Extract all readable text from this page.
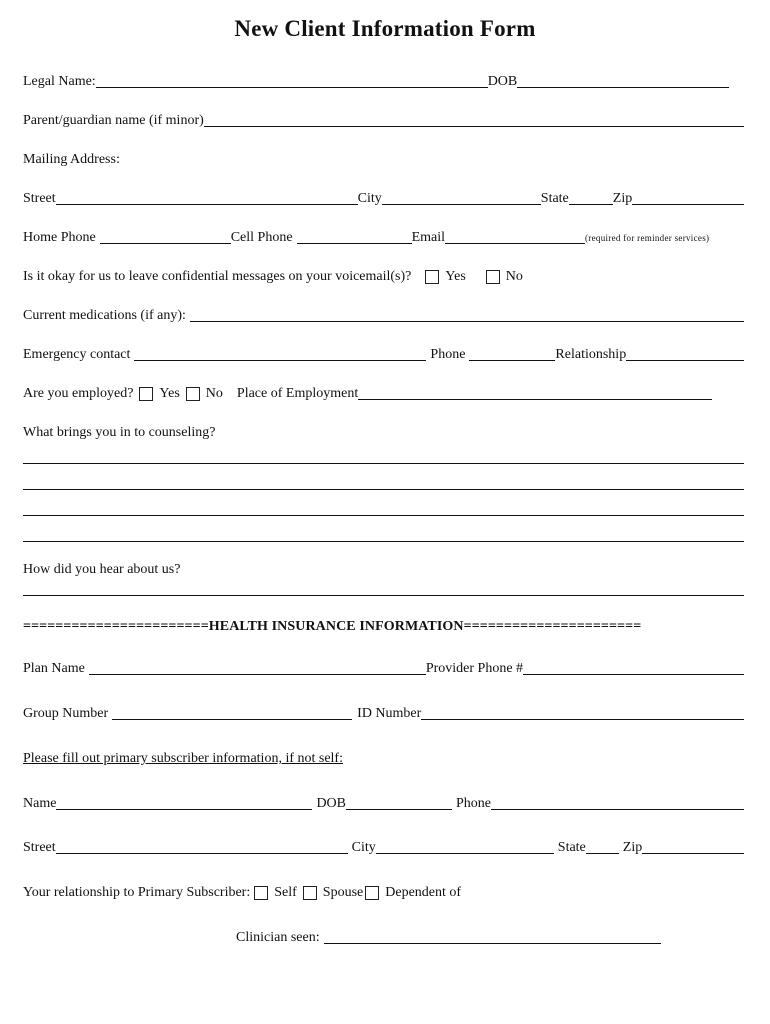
New Client Information Form
Legal Name:	DOB
Parent/guardian name (if minor)
Mailing Address:
Street	City	State	Zip
Home Phone	Cell Phone	Email	(required for reminder services)
Is it okay for us to leave confidential messages on your voicemail(s)? Yes	No
Current medications (if any):
Emergency contact	Phone	Relationship
Are you employed? Yes No Place of Employment
What brings you in to counseling?
How did you hear about us?
=======================HEALTH INSURANCE INFORMATION======================
Plan Name	Provider Phone #
Group Number	ID Number
Please fill out primary subscriber information, if not self:
Name	DOB	Phone
Street	City	State	Zip
Your relationship to Primary Subscriber: Self Spouse Dependent of
Clinician seen:
